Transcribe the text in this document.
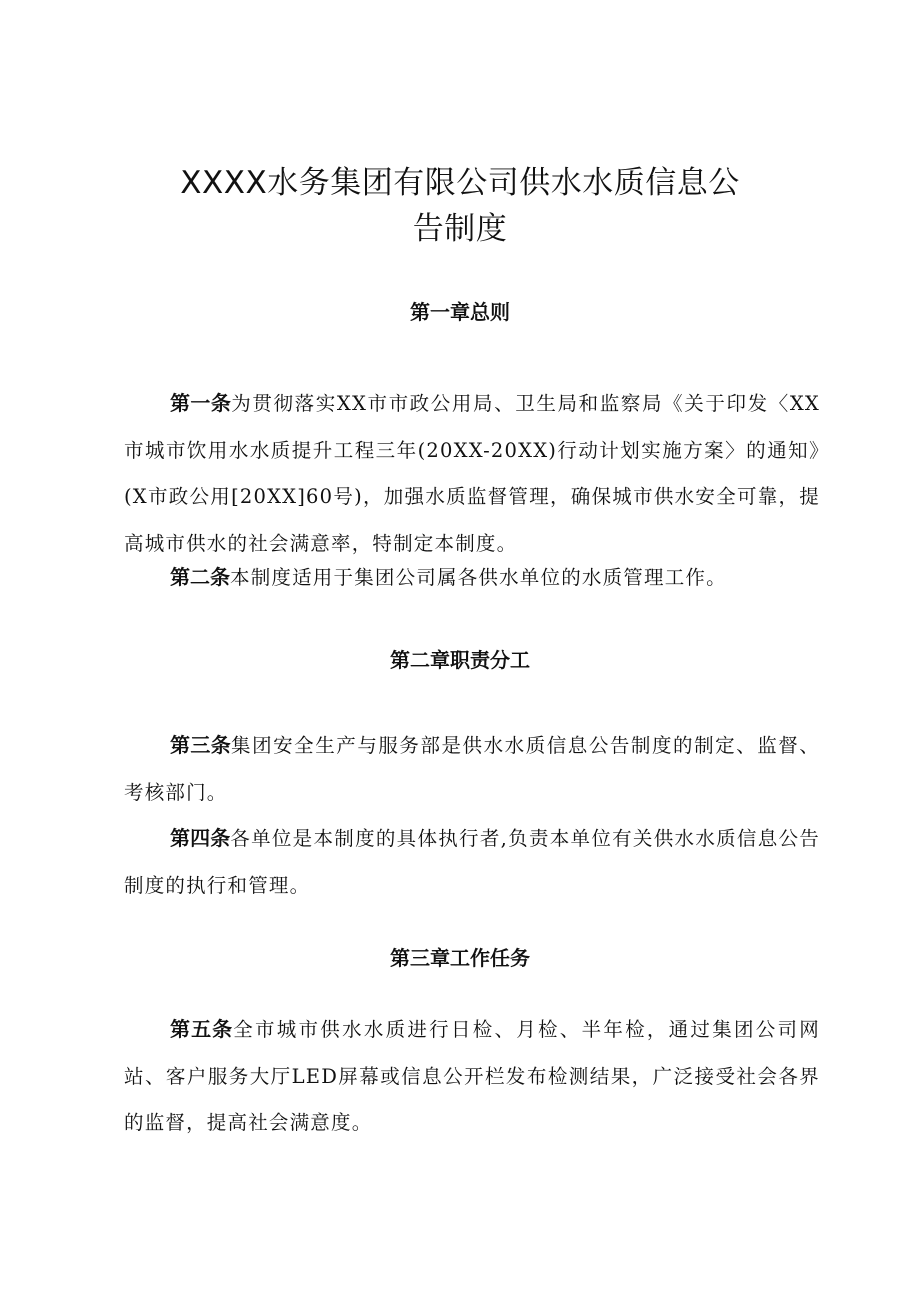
XXXX水务集团有限公司供水水质信息公
告制度
第一章总则

第一条为贯彻落实XX市市政公用局、卫生局和监察局《关于印发〈XX市城市饮用水水质提升工程三年(20XX-20XX)行动计划实施方案〉的通知》(X市政公用[20XX]60号)，加强水质监督管理，确保城市供水安全可靠，提高城市供水的社会满意率，特制定本制度。

第二条本制度适用于集团公司属各供水单位的水质管理工作。

第二章职责分工

第三条集团安全生产与服务部是供水水质信息公告制度的制定、监督、考核部门。

第四条各单位是本制度的具体执行者,负责本单位有关供水水质信息公告制度的执行和管理。

第三章工作任务

第五条全市城市供水水质进行日检、月检、半年检，通过集团公司网站、客户服务大厅LED屏幕或信息公开栏发布检测结果，广泛接受社会各界的监督，提高社会满意度。
